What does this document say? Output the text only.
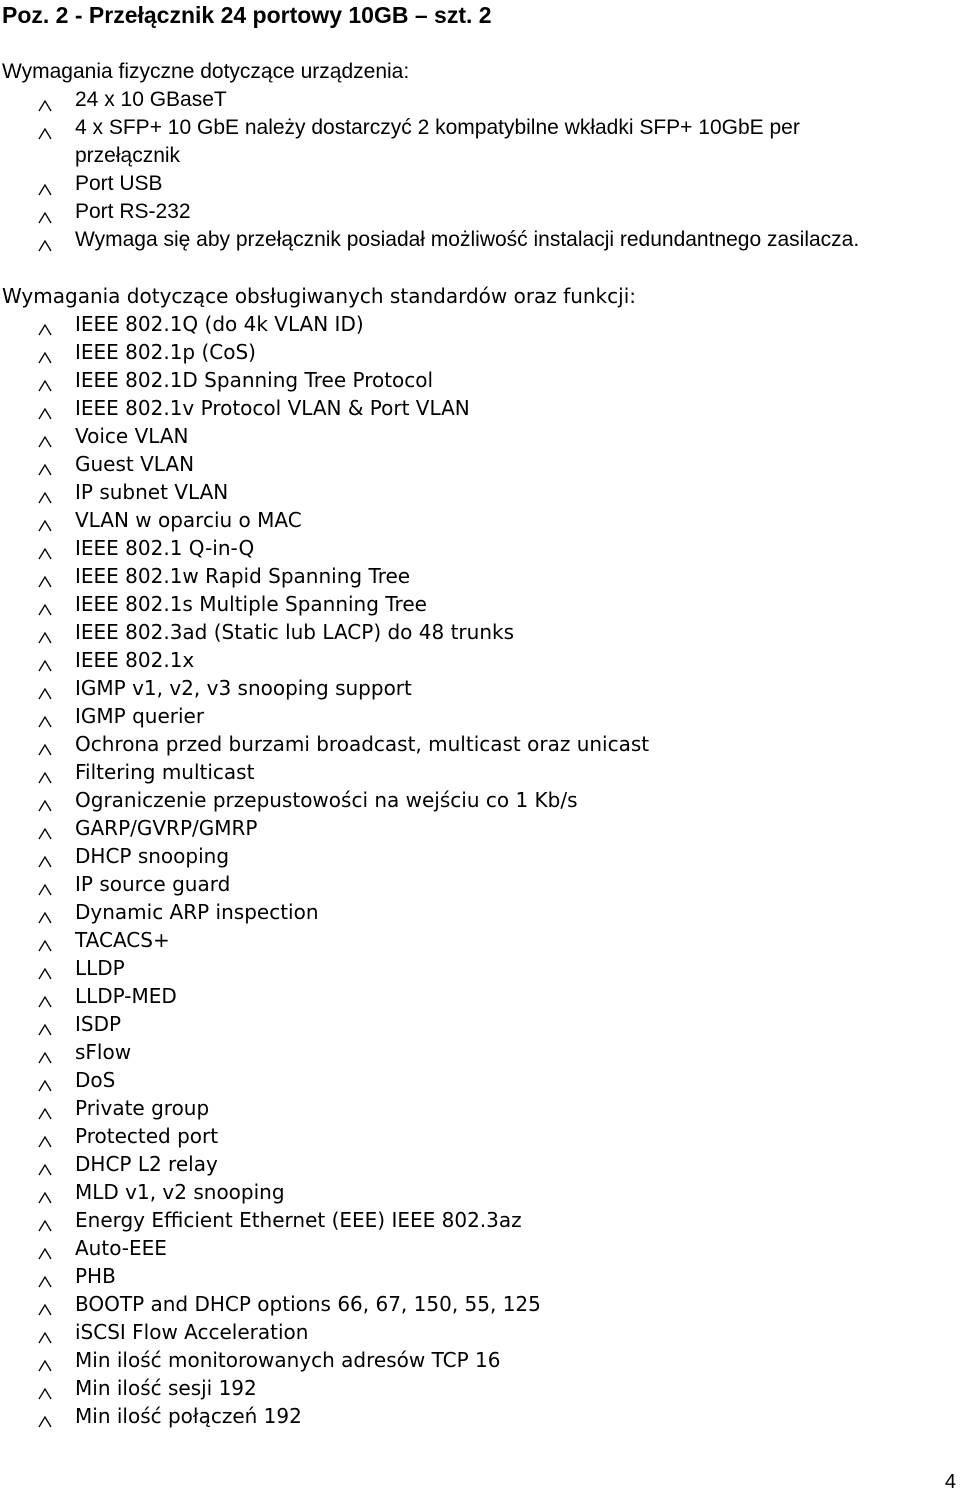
Poz. 2 - Przełącznik 24 portowy 10GB – szt. 2
Wymagania fizyczne dotyczące urządzenia:
24 x 10 GBaseT
4 x SFP+ 10 GbE należy dostarczyć 2 kompatybilne wkładki SFP+ 10GbE per
przełącznik
Port USB
Port RS-232
Wymaga się aby przełącznik posiadał możliwość instalacji redundantnego zasilacza.
Wymagania dotyczące obsługiwanych standardów oraz funkcji:
IEEE 802.1Q (do 4k VLAN ID)
IEEE 802.1p (CoS)
IEEE 802.1D Spanning Tree Protocol
IEEE 802.1v Protocol VLAN & Port VLAN
Voice VLAN
Guest VLAN
IP subnet VLAN
VLAN w oparciu o MAC
IEEE 802.1 Q-in-Q
IEEE 802.1w Rapid Spanning Tree
IEEE 802.1s Multiple Spanning Tree
IEEE 802.3ad (Static lub LACP) do 48 trunks
IEEE 802.1x
IGMP v1, v2, v3 snooping support
IGMP querier
Ochrona przed burzami broadcast, multicast oraz unicast
Filtering multicast
Ograniczenie przepustowości na wejściu co 1 Kb/s
GARP/GVRP/GMRP
DHCP snooping
IP source guard
Dynamic ARP inspection
TACACS+
LLDP
LLDP-MED
ISDP
sFlow
DoS
Private group
Protected port
DHCP L2 relay
MLD v1, v2 snooping
Energy Efficient Ethernet (EEE) IEEE 802.3az
Auto-EEE
PHB
BOOTP and DHCP options 66, 67, 150, 55, 125
iSCSI Flow Acceleration
Min ilość monitorowanych adresów TCP 16
Min ilość sesji 192
Min ilość połączeń 192
4
